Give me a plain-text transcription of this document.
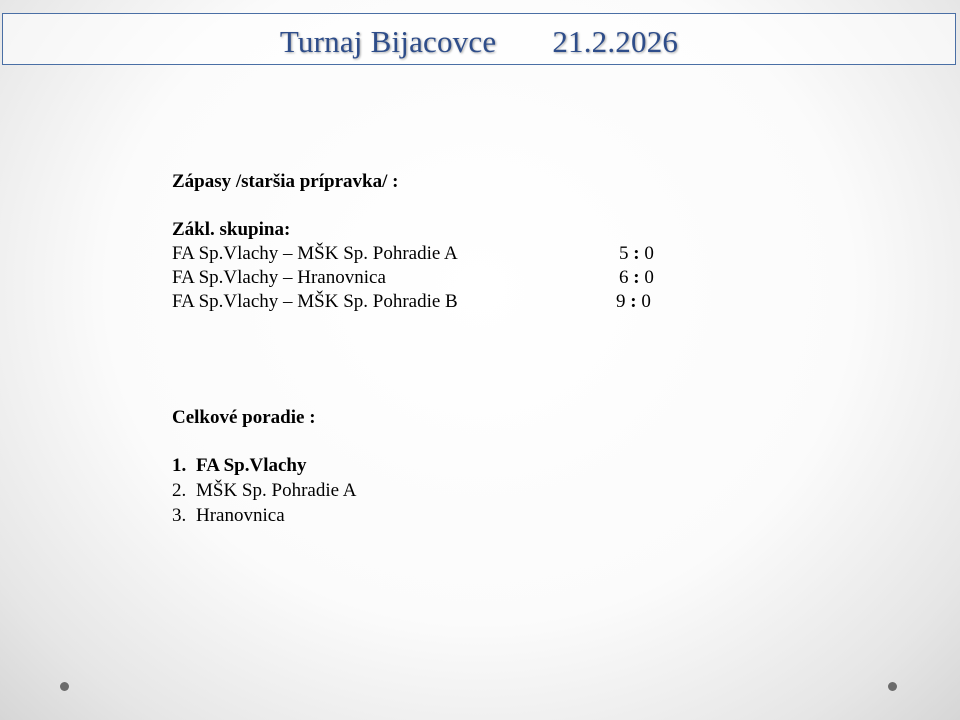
Turnaj Bijacovce 21.2.2026
Zápasy /staršia prípravka/ :
Zákl. skupina:
FA Sp.Vlachy – MŠK Sp. Pohradie A	5 : 0
FA Sp.Vlachy – Hranovnica	6 : 0
FA Sp.Vlachy – MŠK Sp. Pohradie B	9 : 0
Celkové poradie :
1. FA Sp.Vlachy
2. MŠK Sp. Pohradie A
3. Hranovnica
